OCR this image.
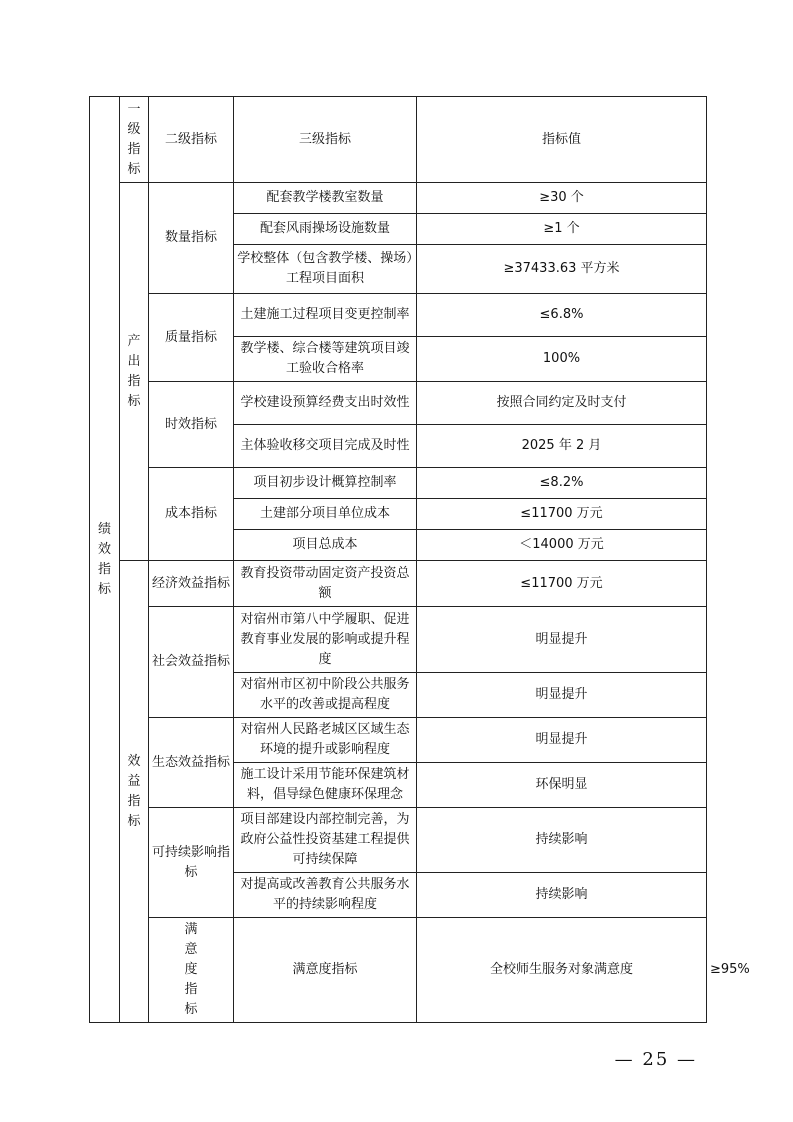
绩效指标	一级指标	二级指标	三级指标	指标值	
	产出指标	数量指标	配套教学楼教室数量	≥30 个	
			配套风雨操场设施数量	≥1 个	
			学校整体（包含教学楼、操场）工程项目面积	≥37433.63 平方米	
		质量指标	土建施工过程项目变更控制率	≤6.8%	
			教学楼、综合楼等建筑项目竣工验收合格率	100%	
		时效指标	学校建设预算经费支出时效性	按照合同约定及时支付	
			主体验收移交项目完成及时性	2025 年 2 月	
		成本指标	项目初步设计概算控制率	≤8.2%	
			土建部分项目单位成本	≤11700 万元	
			项目总成本	＜14000 万元	
	效益指标	经济效益指标	教育投资带动固定资产投资总额	≤11700 万元	
		社会效益指标	对宿州市第八中学履职、促进教育事业发展的影响或提升程度	明显提升	
			对宿州市区初中阶段公共服务水平的改善或提高程度	明显提升	
		生态效益指标	对宿州人民路老城区区域生态环境的提升或影响程度	明显提升	
			施工设计采用节能环保建筑材料，倡导绿色健康环保理念	环保明显	
		可持续影响指标	项目部建设内部控制完善，为政府公益性投资基建工程提供可持续保障	持续影响	
			对提高或改善教育公共服务水平的持续影响程度	持续影响	
		满意度指标	满意度指标	全校师生服务对象满意度	≥95%
— 25 —
